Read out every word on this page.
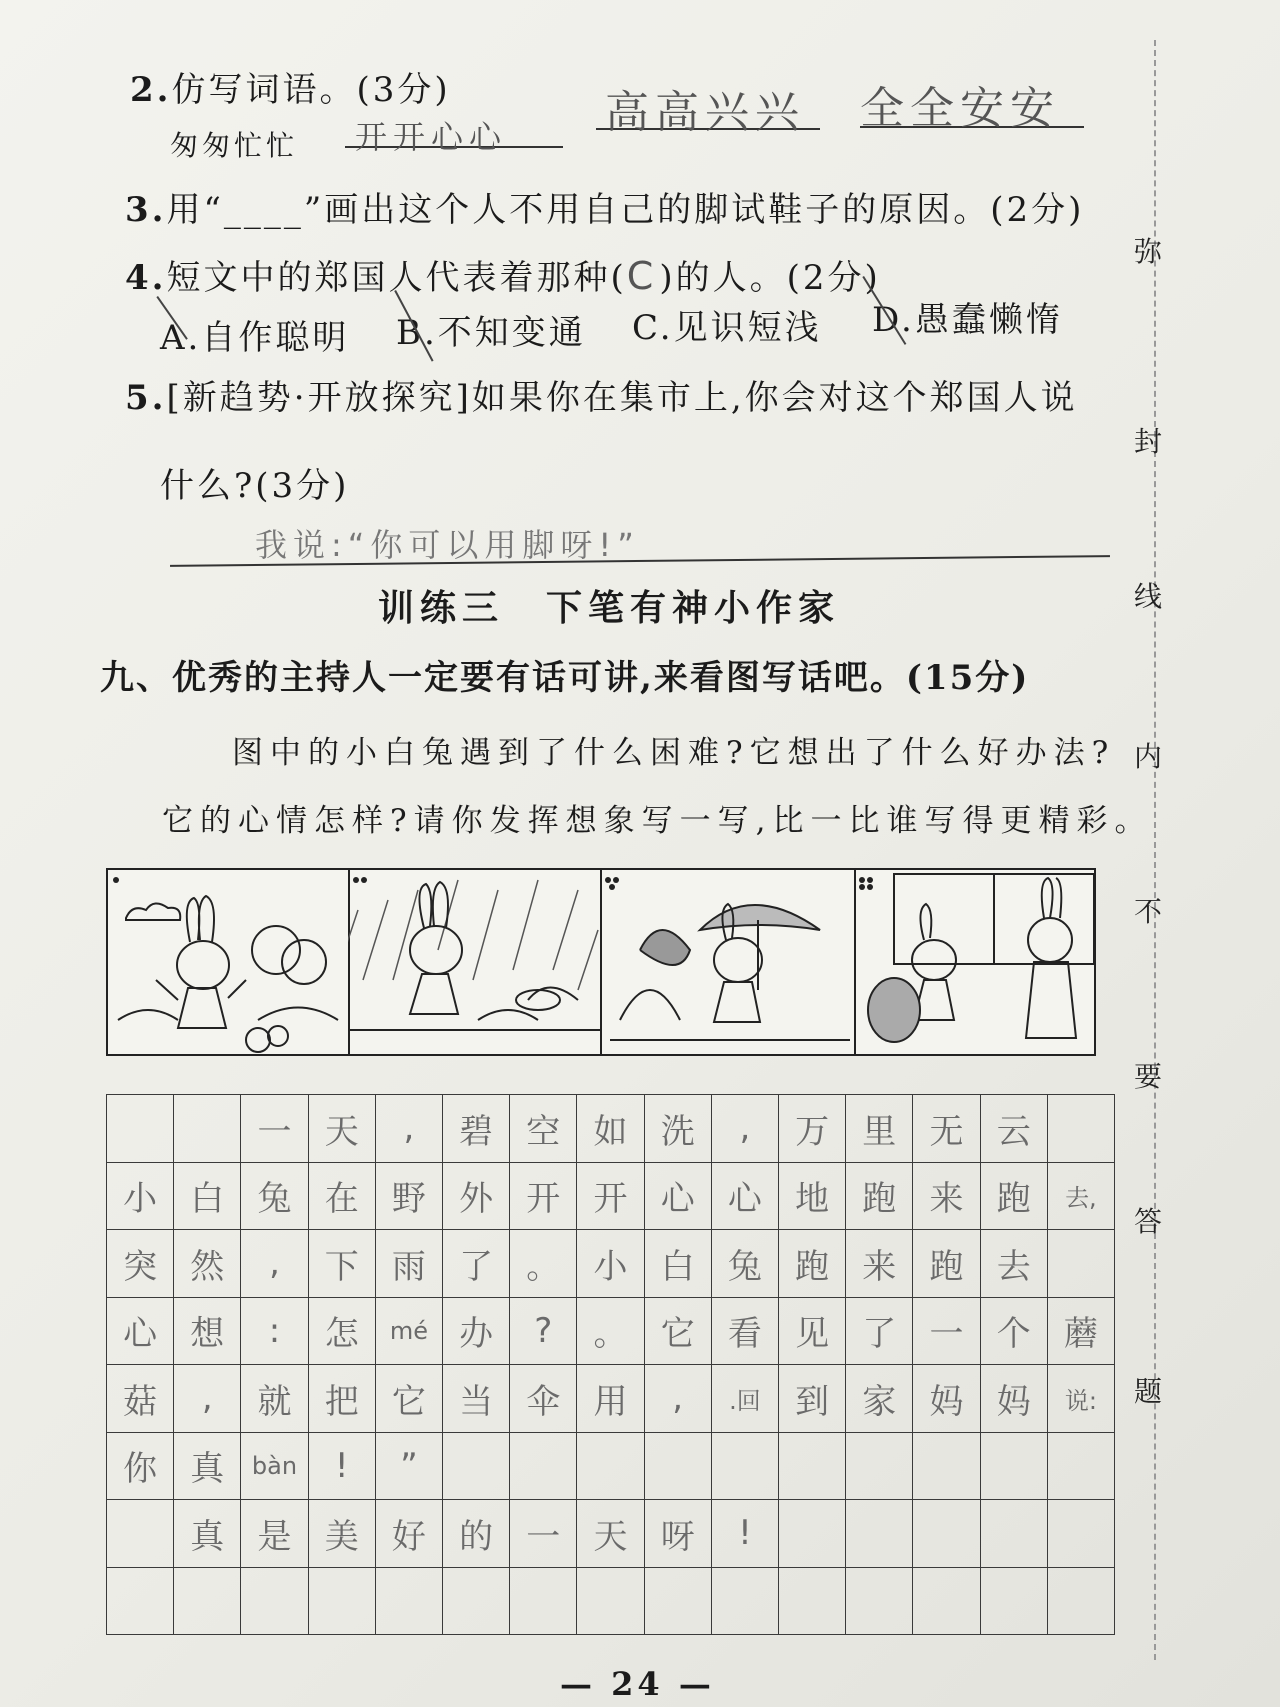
弥
封
线
内
不
要
答
题
2.仿写词语。(3分)
匆匆忙忙 开开心心 高高兴兴 全全安安
3.用“____”画出这个人不用自己的脚试鞋子的原因。(2分)
4.短文中的郑国人代表着那种(C)的人。(2分)
A.自作聪明 B.不知变通 C.见识短浅 D.愚蠢懒惰
5.[新趋势·开放探究]如果你在集市上,你会对这个郑国人说
什么?(3分)
我说:“你可以用脚呀!”
训练三　下笔有神小作家
九、优秀的主持人一定要有话可讲,来看图写话吧。(15分)
图中的小白兔遇到了什么困难?它想出了什么好办法?
它的心情怎样?请你发挥想象写一写,比一比谁写得更精彩。
一 天	,	碧 空 如 洗	,	万 里 无 云
小 白 兔 在 野 外 开 开 心 心 地 跑 来 跑	去,
突 然	,	下 雨 了 。 小 白 兔 跑 来 跑 去
心 想	:	怎	mé 办	?	。 它 看 见 了 一 个 蘑
菇	,	就 把 它 当 伞 用	,	.回	到 家 妈 妈	说:
你 真	bàn	!	”
真 是 美 好 的 一 天 呀	!
— 24 —
